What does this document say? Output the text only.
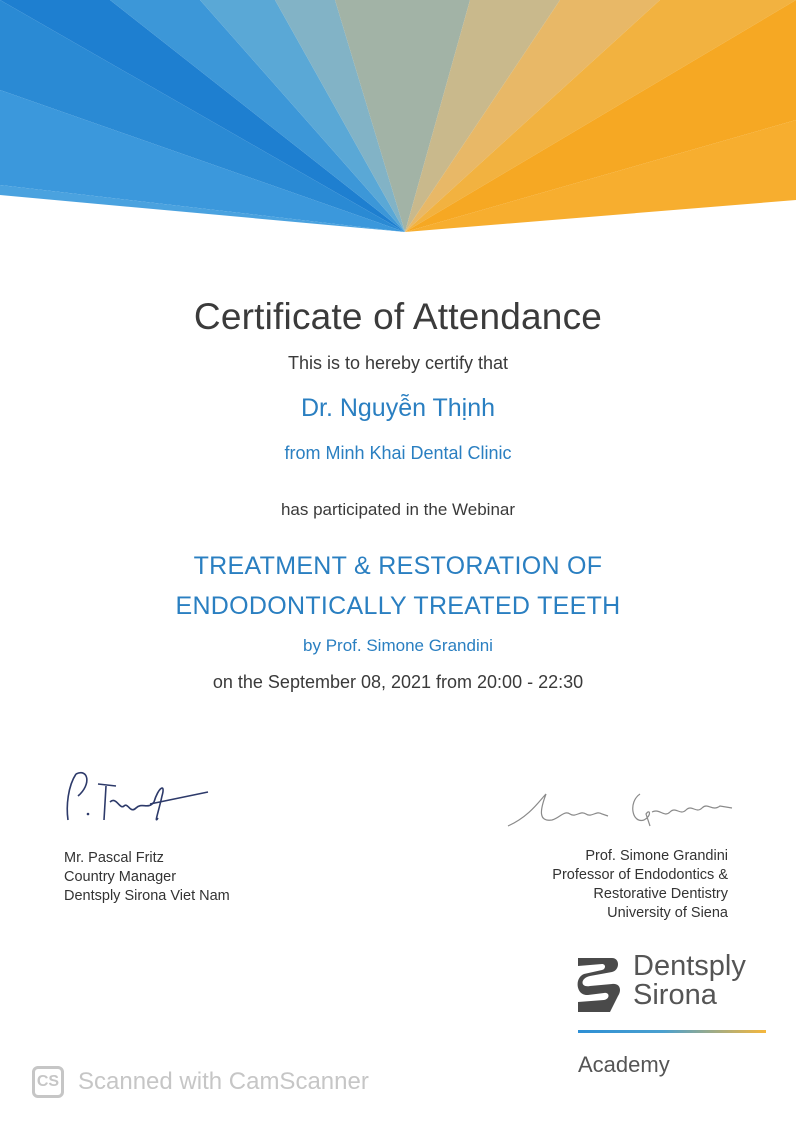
Certificate of Attendance
This is to hereby certify that
Dr. Nguyễn Thịnh
from Minh Khai Dental Clinic
has participated in the Webinar
TREATMENT & RESTORATION OF
ENDODONTICALLY TREATED TEETH
by Prof. Simone Grandini
on the September 08, 2021 from 20:00 - 22:30
Mr. Pascal Fritz
Country Manager
Dentsply Sirona Viet Nam
Prof. Simone Grandini
Professor of Endodontics &
Restorative Dentistry
University of Siena
Dentsply
Sirona
Academy
CS Scanned with CamScanner
